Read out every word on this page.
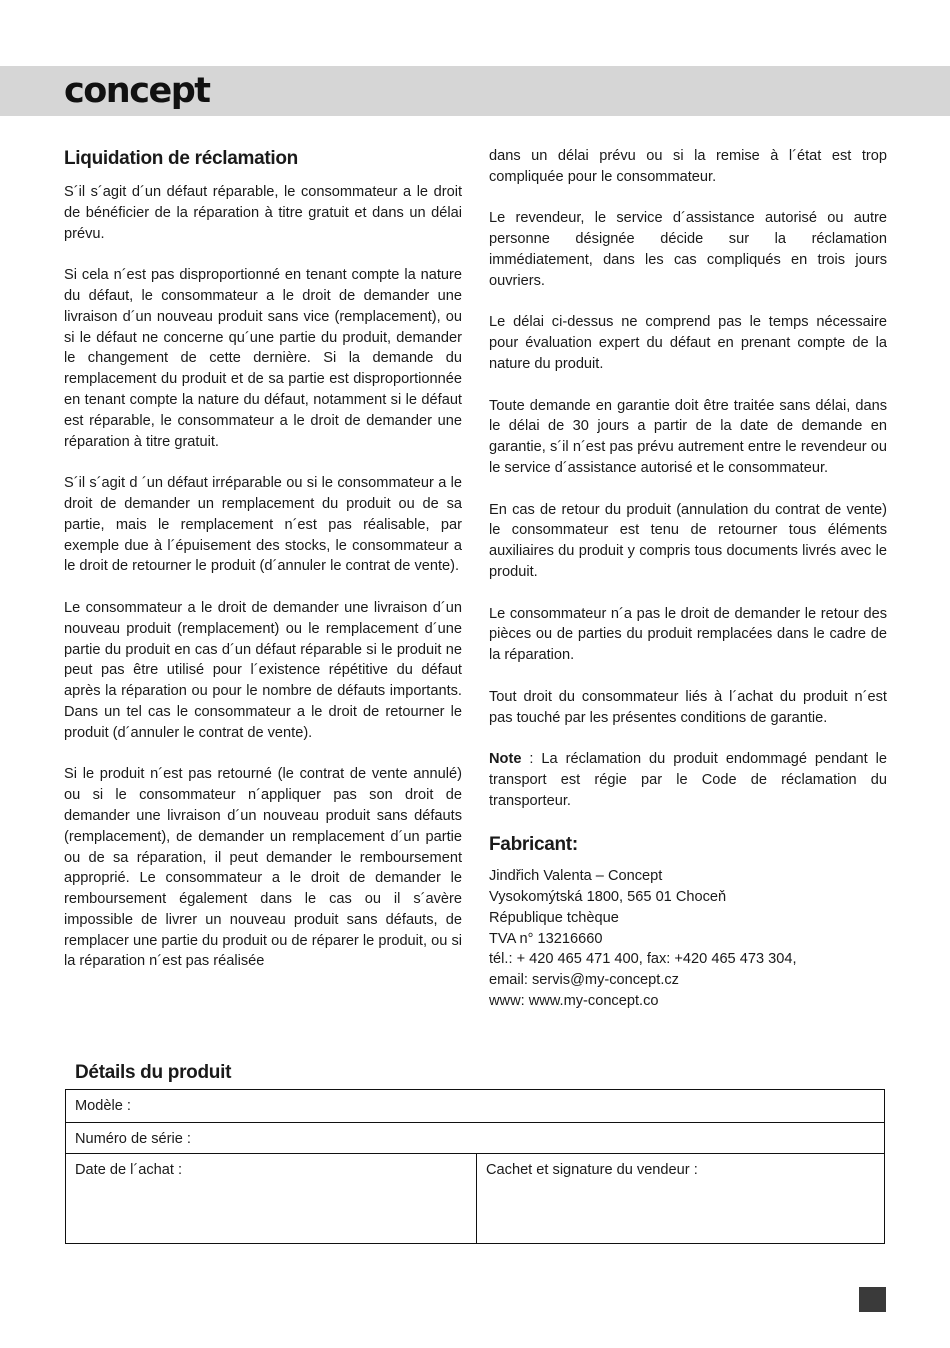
concept
Liquidation de réclamation

S´il s´agit d´un défaut réparable, le consommateur a le droit de bénéficier de la réparation à titre gratuit et dans un délai prévu.

Si cela n´est pas disproportionné en tenant compte la nature du défaut, le consommateur a le droit de demander une livraison d´un nouveau produit sans vice (remplacement), ou si le défaut ne concerne qu´une partie du produit, demander le changement de cette dernière. Si la demande du remplacement du produit et de sa partie est disproportionnée en tenant compte la nature du défaut, notamment si le défaut est réparable, le consommateur a le droit de demander une réparation à titre gratuit.

S´il s´agit d ´un défaut irréparable ou si le consommateur a le droit de demander un remplacement du produit ou de sa partie, mais le remplacement n´est pas réalisable, par exemple due à l´épuisement des stocks, le consommateur a le droit de retourner le produit (d´annuler le contrat de vente).

Le consommateur a le droit de demander une livraison d´un nouveau produit (remplacement) ou le remplacement d´une partie du produit en cas d´un défaut réparable si le produit ne peut pas être utilisé pour l´existence répétitive du défaut après la réparation ou pour le nombre de défauts importants. Dans un tel cas le consommateur a le droit de retourner le produit (d´annuler le contrat de vente).

Si le produit n´est pas retourné (le contrat de vente annulé) ou si le consommateur n´appliquer pas son droit de demander une livraison d´un nouveau produit sans défauts (remplacement), de demander un remplacement d´un partie ou de sa réparation, il peut demander le remboursement approprié. Le consommateur a le droit de demander le remboursement également dans le cas ou il s´avère impossible de livrer un nouveau produit sans défauts, de remplacer une partie du produit ou de réparer le produit, ou si la réparation n´est pas réalisée

dans un délai prévu ou si la remise à l´état est trop compliquée pour le consommateur.

Le revendeur, le service d´assistance autorisé ou autre personne désignée décide sur la réclamation immédiatement, dans les cas compliqués en trois jours ouvriers.

Le délai ci-dessus ne comprend pas le temps nécessaire pour évaluation expert du défaut en prenant compte de la nature du produit.

Toute demande en garantie doit être traitée sans délai, dans le délai de 30 jours a partir de la date de demande en garantie, s´il n´est pas prévu autrement entre le revendeur ou le service d´assistance autorisé et le consommateur.

En cas de retour du produit (annulation du contrat de vente) le consommateur est tenu de retourner tous éléments auxiliaires du produit y compris tous documents livrés avec le produit.

Le consommateur n´a pas le droit de demander le retour des pièces ou de parties du produit remplacées dans le cadre de la réparation.

Tout droit du consommateur liés à l´achat du produit n´est pas touché par les présentes conditions de garantie.

Note : La réclamation du produit endommagé pendant le transport est régie par le Code de réclamation du transporteur.

Fabricant:
Jindřich Valenta – Concept
Vysokomýtská 1800, 565 01 Choceň
République tchèque
TVA n° 13216660
tél.: + 420 465 471 400, fax: +420 465 473 304,
email: servis@my-concept.cz
www: www.my-concept.co
Détails du produit
Modèle :
Numéro de série :
Date de l´achat :	Cachet et signature du vendeur :
